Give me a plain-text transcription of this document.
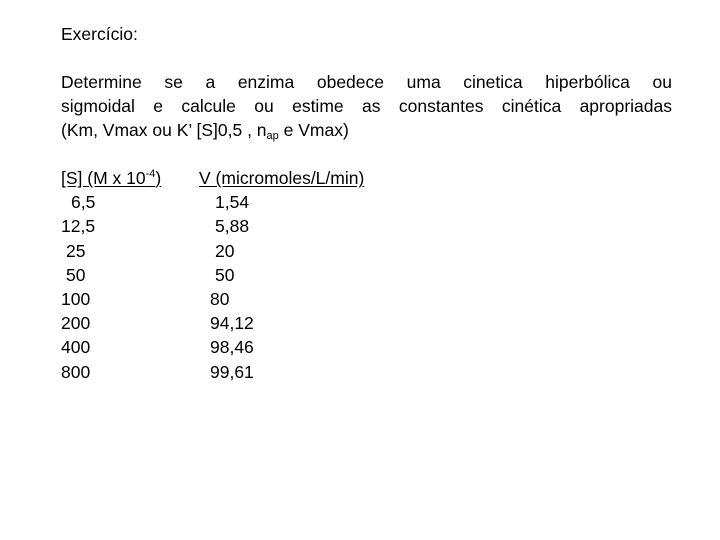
Exercício:
Determine se a enzima obedece uma cinetica hiperbólica ou
sigmoidal e calcule ou estime as constantes cinética apropriadas
(Km, Vmax ou K’ [S]0,5 , $n_{ap}$ e Vmax)
[S] (M x $10^{-4}$) V (micromoles/L/min)
6,5	1,54
12,5	5,88
25	20
50	50
100	80
200	94,12
400	98,46
800	99,61
